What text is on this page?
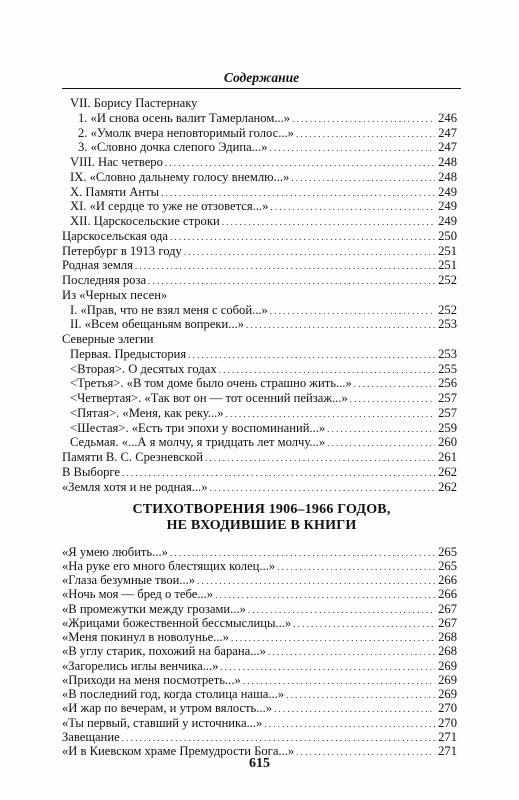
Содержание
VII. Борису Пастернаку
1. «И снова осень валит Тамерланом...» .....	246
2. «Умолк вчера неповторимый голос...» .....	247
3. «Словно дочка слепого Эдипа...» .....	247
VIII. Нас четверо .....	248
IX. «Словно дальнему голосу внемлю...» .....	248
X. Памяти Анты .....	249
XI. «И сердце то уже не отзовется...» .....	249
XII. Царскосельские строки .....	249
Царскосельская ода .....	250
Петербург в 1913 году .....	251
Родная земля .....	251
Последняя роза .....	252
Из «Черных песен»
I. «Прав, что не взял меня с собой...» .....	252
II. «Всем обещаньям вопреки...» .....	253
Северные элегии
Первая. Предыстория .....	253
<Вторая>. О десятых годах .....	255
<Третья>. «В том доме было очень страшно жить...» .....	256
<Четвертая>. «Так вот он — тот осенний пейзаж...» .....	257
<Пятая>. «Меня, как реку...» .....	257
<Шестая>. «Есть три эпохи у воспоминаний...» .....	259
Седьмая. «...А я молчу, я тридцать лет молчу...» .....	260
Памяти В. С. Срезневской .....	261
В Выборге .....	262
«Земля хотя и не родная...» .....	262
СТИХОТВОРЕНИЯ 1906–1966 ГОДОВ,
НЕ ВХОДИВШИЕ В КНИГИ
«Я умею любить...» .....	265
«На руке его много блестящих колец...» .....	265
«Глаза безумные твои...» .....	266
«Ночь моя — бред о тебе...» .....	266
«В промежутки между грозами...» .....	267
«Жрицами божественной бессмыслицы...» .....	267
«Меня покинул в новолунье...» .....	268
«В углу старик, похожий на барана...» .....	268
«Загорелись иглы венчика...» .....	269
«Приходи на меня посмотреть...» .....	269
«В последний год, когда столица наша...» .....	269
«И жар по вечерам, и утром вялость...» .....	270
«Ты первый, ставший у источника...» .....	270
Завещание .....	271
«И в Киевском храме Премудрости Бога...» .....	271
615
